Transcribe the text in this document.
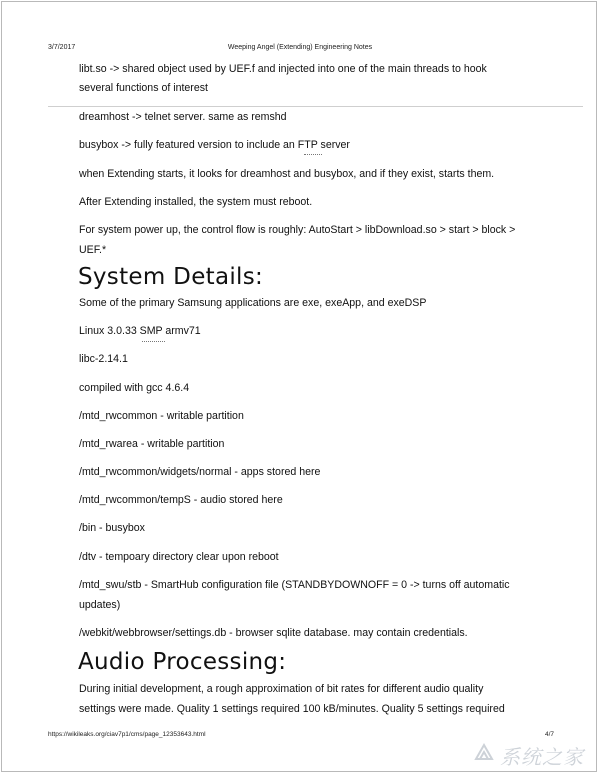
3/7/2017	Weeping Angel (Extending) Engineering Notes
libt.so -> shared object used by UEF.f and injected into one of the main threads to hook
several functions of interest
dreamhost -> telnet server. same as remshd
busybox -> fully featured version to include an FTP server
when Extending starts, it looks for dreamhost and busybox, and if they exist, starts them.
After Extending installed, the system must reboot.
For system power up, the control flow is roughly: AutoStart > libDownload.so > start > block >
UEF.*
System Details:
Some of the primary Samsung applications are exe, exeApp, and exeDSP
Linux 3.0.33 SMP armv71
libc-2.14.1
compiled with gcc 4.6.4
/mtd_rwcommon - writable partition
/mtd_rwarea - writable partition
/mtd_rwcommon/widgets/normal - apps stored here
/mtd_rwcommon/tempS - audio stored here
/bin - busybox
/dtv - tempoary directory clear upon reboot
/mtd_swu/stb - SmartHub configuration file (STANDBYDOWNOFF = 0 -> turns off automatic
updates)
/webkit/webbrowser/settings.db - browser sqlite database. may contain credentials.
Audio Processing:
During initial development, a rough approximation of bit rates for different audio quality
settings were made. Quality 1 settings required 100 kB/minutes. Quality 5 settings required
https://wikileaks.org/ciav7p1/cms/page_12353643.html	4/7
系统之家
